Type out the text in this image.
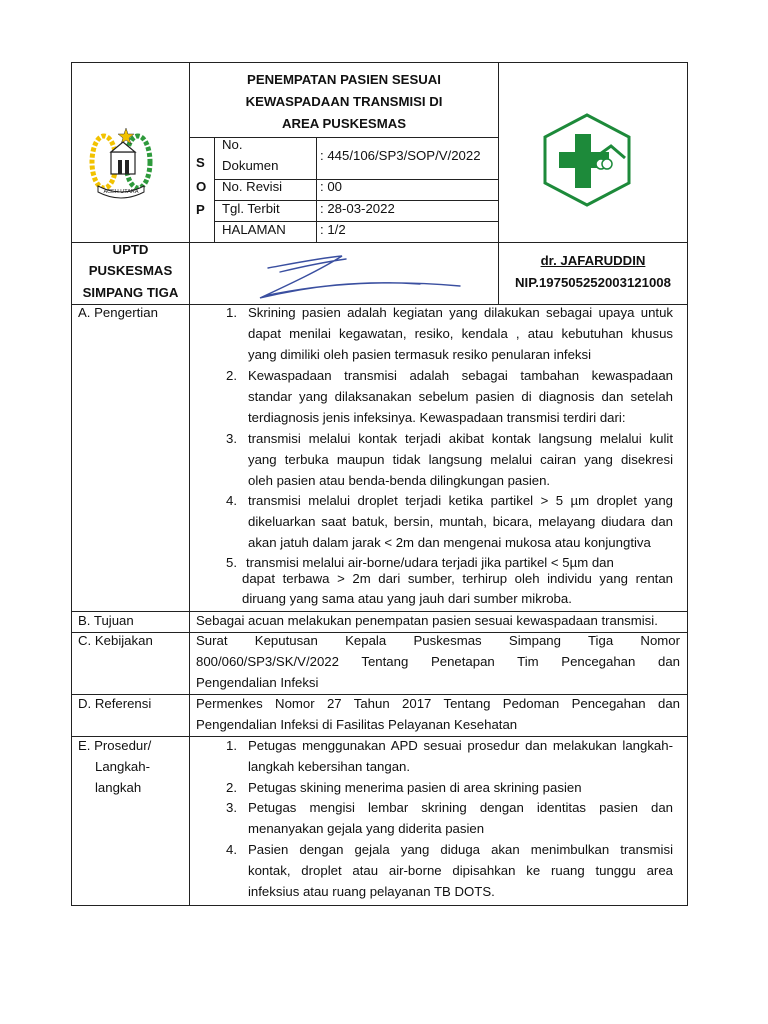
ACEH UTARA
PENEMPATAN PASIEN SESUAI
KEWASPADAAN TRANSMISI DI
AREA PUSKESMAS
S
O
P
No.
Dokumen
: 445/106/SP3/SOP/V/2022
No. Revisi	: 00
Tgl. Terbit	: 28-03-2022
HALAMAN	: 1/2
UPTD
PUSKESMAS
SIMPANG TIGA
dr. JAFARUDDIN
NIP.197505252003121008
A. Pengertian	1. Skrining pasien adalah kegiatan yang dilakukan sebagai upaya untuk
dapat menilai kegawatan, resiko, kendala , atau kebutuhan khusus
yang dimiliki oleh pasien termasuk resiko penularan infeksi
2. Kewaspadaan transmisi adalah sebagai tambahan kewaspadaan
standar yang dilaksanakan sebelum pasien di diagnosis dan setelah
terdiagnosis jenis infeksinya. Kewaspadaan transmisi terdiri dari:
3. transmisi melalui kontak terjadi akibat kontak langsung melalui kulit
yang terbuka maupun tidak langsung melalui cairan yang disekresi
oleh pasien atau benda-benda dilingkungan pasien.
4. transmisi melalui droplet terjadi ketika partikel > 5 µm droplet yang
dikeluarkan saat batuk, bersin, muntah, bicara, melayang diudara dan
akan jatuh dalam jarak < 2m dan mengenai mukosa atau konjungtiva
5. transmisi melalui air-borne/udara terjadi jika partikel < 5µm dan
dapat terbawa > 2m dari sumber, terhirup oleh individu yang rentan
diruang yang sama atau yang jauh dari sumber mikroba.
B. Tujuan	Sebagai acuan melakukan penempatan pasien sesuai kewaspadaan transmisi.
C. Kebijakan	Surat Keputusan Kepala Puskesmas Simpang Tiga Nomor
800/060/SP3/SK/V/2022 Tentang Penetapan Tim Pencegahan dan
Pengendalian Infeksi
D. Referensi	Permenkes Nomor 27 Tahun 2017 Tentang Pedoman Pencegahan dan
Pengendalian Infeksi di Fasilitas Pelayanan Kesehatan
E. Prosedur/
Langkah-
langkah
1. Petugas menggunakan APD sesuai prosedur dan melakukan langkah-
langkah kebersihan tangan.
2. Petugas skining menerima pasien di area skrining pasien
3. Petugas mengisi lembar skrining dengan identitas pasien dan
menanyakan gejala yang diderita pasien
4. Pasien dengan gejala yang diduga akan menimbulkan transmisi
kontak, droplet atau air-borne dipisahkan ke ruang tunggu area
infeksius atau ruang pelayanan TB DOTS.
